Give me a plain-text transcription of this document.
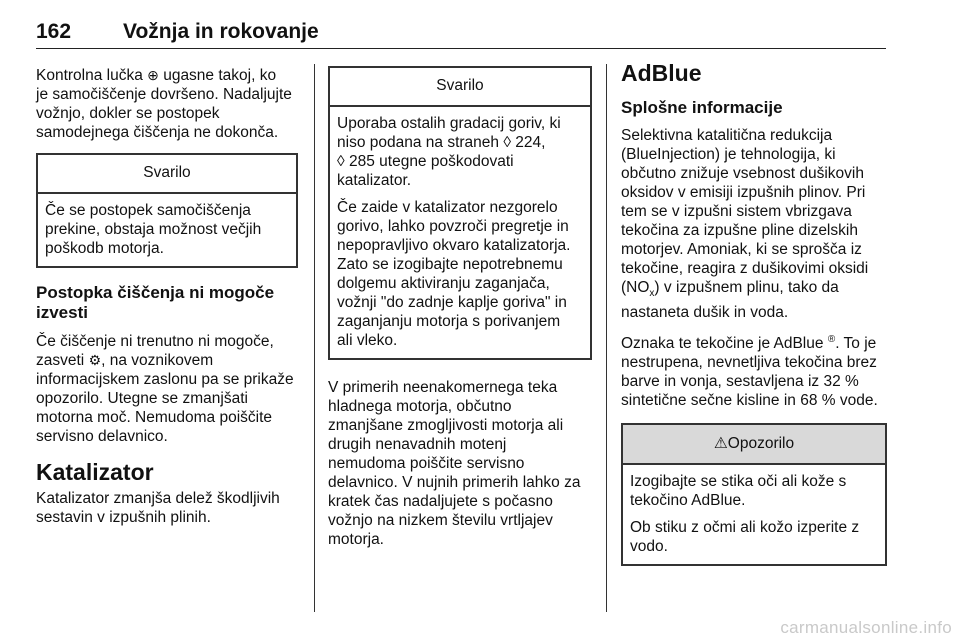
162 Vožnja in rokovanje

Kontrolna lučka ⊕ ugasne takoj, ko
je samočiščenje dovršeno. Nadaljujte
vožnjo, dokler se postopek
samodejnega čiščenja ne dokonča.

Svarilo

Če se postopek samočiščenja
prekine, obstaja možnost večjih
poškodb motorja.

Postopka čiščenja ni mogoče
izvesti

Če čiščenje ni trenutno ni mogoče,
zasveti ⚙, na voznikovem
informacijskem zaslonu pa se prikaže
opozorilo. Utegne se zmanjšati
motorna moč. Nemudoma poiščite
servisno delavnico.

Katalizator

Katalizator zmanjša delež škodljivih
sestavin v izpušnih plinih.

Svarilo

Uporaba ostalih gradacij goriv, ki
niso podana na straneh ◊ 224,
◊ 285 utegne poškodovati
katalizator.

Če zaide v katalizator nezgorelo
gorivo, lahko povzroči pregretje in
nepopravljivo okvaro katalizatorja.
Zato se izogibajte nepotrebnemu
dolgemu aktiviranju zaganjača,
vožnji "do zadnje kaplje goriva" in
zaganjanju motorja s porivanjem
ali vleko.

V primerih neenakomernega teka
hladnega motorja, občutno
zmanjšane zmogljivosti motorja ali
drugih nenavadnih motenj
nemudoma poiščite servisno
delavnico. V nujnih primerih lahko za
kratek čas nadaljujete s počasno
vožnjo na nizkem številu vrtljajev
motorja.

AdBlue
Splošne informacije

Selektivna katalitična redukcija
(BlueInjection) je tehnologija, ki
občutno znižuje vsebnost dušikovih
oksidov v emisiji izpušnih plinov. Pri
tem se v izpušni sistem vbrizgava
tekočina za izpušne pline dizelskih
motorjev. Amoniak, ki se sprošča iz
tekočine, reagira z dušikovimi oksidi
$(NO_x)$ v izpušnem plinu, tako da
nastaneta dušik in voda.

Oznaka te tekočine je AdBlue ®. To je
nestrupena, nevnetljiva tekočina brez
barve in vonja, sestavljena iz 32 %
sintetične sečne kisline in 68 % vode.

⚠Opozorilo

Izogibajte se stika oči ali kože s
tekočino AdBlue.

Ob stiku z očmi ali kožo izperite z
vodo.

carmanualsonline.info
